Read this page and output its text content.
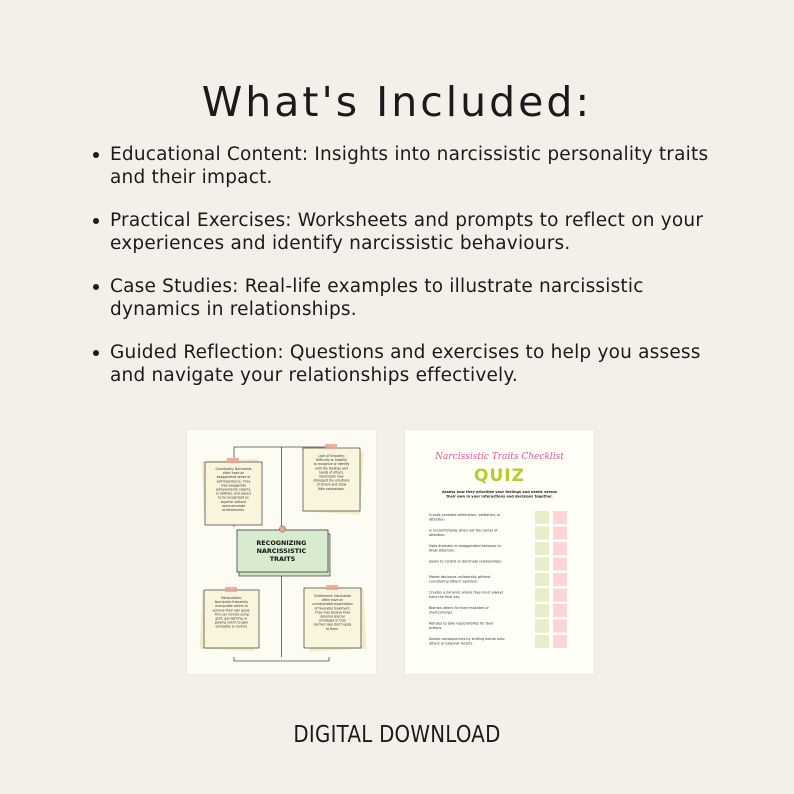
What's Included:
Educational Content: Insights into narcissistic personality traits and their impact.
Practical Exercises: Worksheets and prompts to reflect on your experiences and identify narcissistic behaviours.
Case Studies: Real-life examples to illustrate narcissistic dynamics in relationships.
Guided Reflection: Questions and exercises to help you assess and navigate your relationships effectively.
Grandiosity: Narcissists often have an exaggerated sense of self-importance. They may exaggerate achievements, talents, or abilities, and expect to be recognized as superior without commensurate achievements.
Lack of Empathy: Difficulty or inability to recognize or identify with the feelings and needs of others. Narcissists may disregard the emotions of others and show little compassion.
RECOGNIZING NARCISSISTIC TRAITS
Manipulation: Narcissists frequently manipulate others to achieve their own goals. This can include using guilt, gas-lighting, or playing victim to gain sympathy or control.
Entitlement: Narcissists often have an unreasonable expectation of favorable treatment. They may believe they deserve special privileges or that normal rules don't apply to them.
Narcissistic Traits Checklist
QUIZ
Assess how they prioritize your feelings and needs versus their own in your interactions and decisions together.
Craves constant admiration, validation, or attention.
Is uncomfortable when not the center of attention.
Uses dramatic or exaggerated behavior to draw attention.
Seeks to control or dominate relationships.
Makes decisions unilaterally without considering others' opinions.
Creates a dynamic where they must always have the final say.
Blames others for their mistakes or shortcomings.
Refuses to take responsibility for their actions.
Avoids consequences by shifting blame onto others or external factors.
DIGITAL DOWNLOAD
